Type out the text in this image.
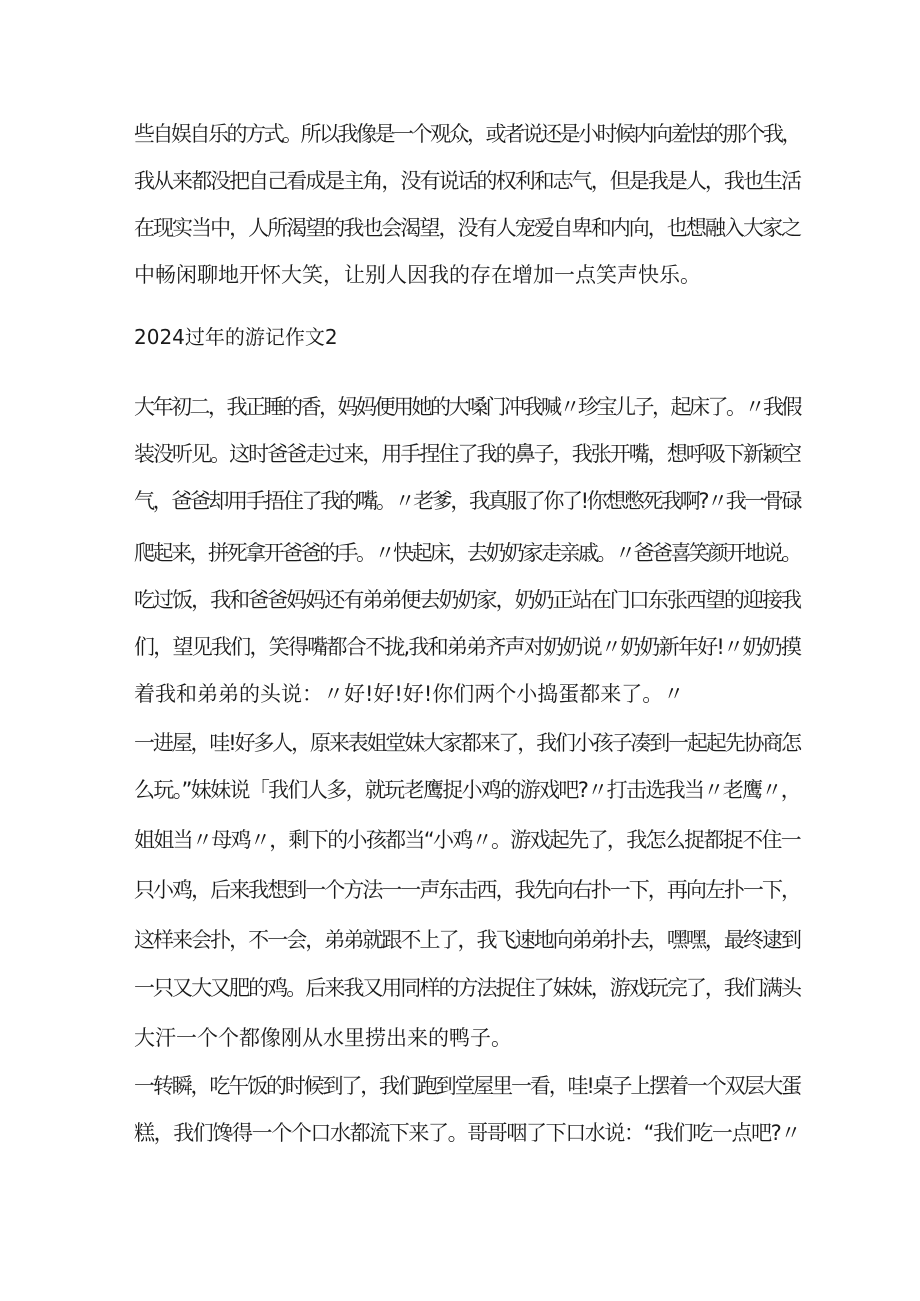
些自娱自乐的方式。所以我像是一个观众，或者说还是小时候内向羞怯的那个我，
我从来都没把自己看成是主角，没有说话的权利和志气，但是我是人，我也生活
在现实当中，人所渴望的我也会渴望，没有人宠爱自卑和内向，也想融入大家之
中畅闲聊地开怀大笑，让别人因我的存在增加一点笑声快乐。
2024过年的游记作文2
大年初二，我正睡的香，妈妈便用她的大嗓门冲我喊〃珍宝儿子，起床了。〃我假
装没听见。这时爸爸走过来，用手捏住了我的鼻子，我张开嘴，想呼吸下新颖空
气，爸爸却用手捂住了我的嘴。〃老爹，我真服了你了!你想憋死我啊?〃我一骨碌
爬起来，拼死拿开爸爸的手。〃快起床，去奶奶家走亲戚。〃爸爸喜笑颜开地说。
吃过饭，我和爸爸妈妈还有弟弟便去奶奶家，奶奶正站在门口东张西望的迎接我
们，望见我们，笑得嘴都合不拢,我和弟弟齐声对奶奶说〃奶奶新年好!〃奶奶摸
着我和弟弟的头说：〃好!好!好!你们两个小捣蛋都来了。〃
一进屋，哇!好多人，原来表姐堂妹大家都来了，我们小孩子凑到一起起先协商怎
么玩。”妹妹说「我们人多，就玩老鹰捉小鸡的游戏吧?〃打击选我当〃老鹰〃，
姐姐当〃母鸡〃，剩下的小孩都当“小鸡〃。游戏起先了，我怎么捉都捉不住一
只小鸡，后来我想到一个方法一一声东击西，我先向右扑一下，再向左扑一下，
这样来会扑，不一会，弟弟就跟不上了，我飞速地向弟弟扑去，嘿嘿，最终逮到
一只又大又肥的鸡。后来我又用同样的方法捉住了妹妹，游戏玩完了，我们满头
大汗一个个都像刚从水里捞出来的鸭子。
一转瞬，吃午饭的时候到了，我们跑到堂屋里一看，哇!桌子上摆着一个双层大蛋
糕，我们馋得一个个口水都流下来了。哥哥咽了下口水说：“我们吃一点吧?〃
